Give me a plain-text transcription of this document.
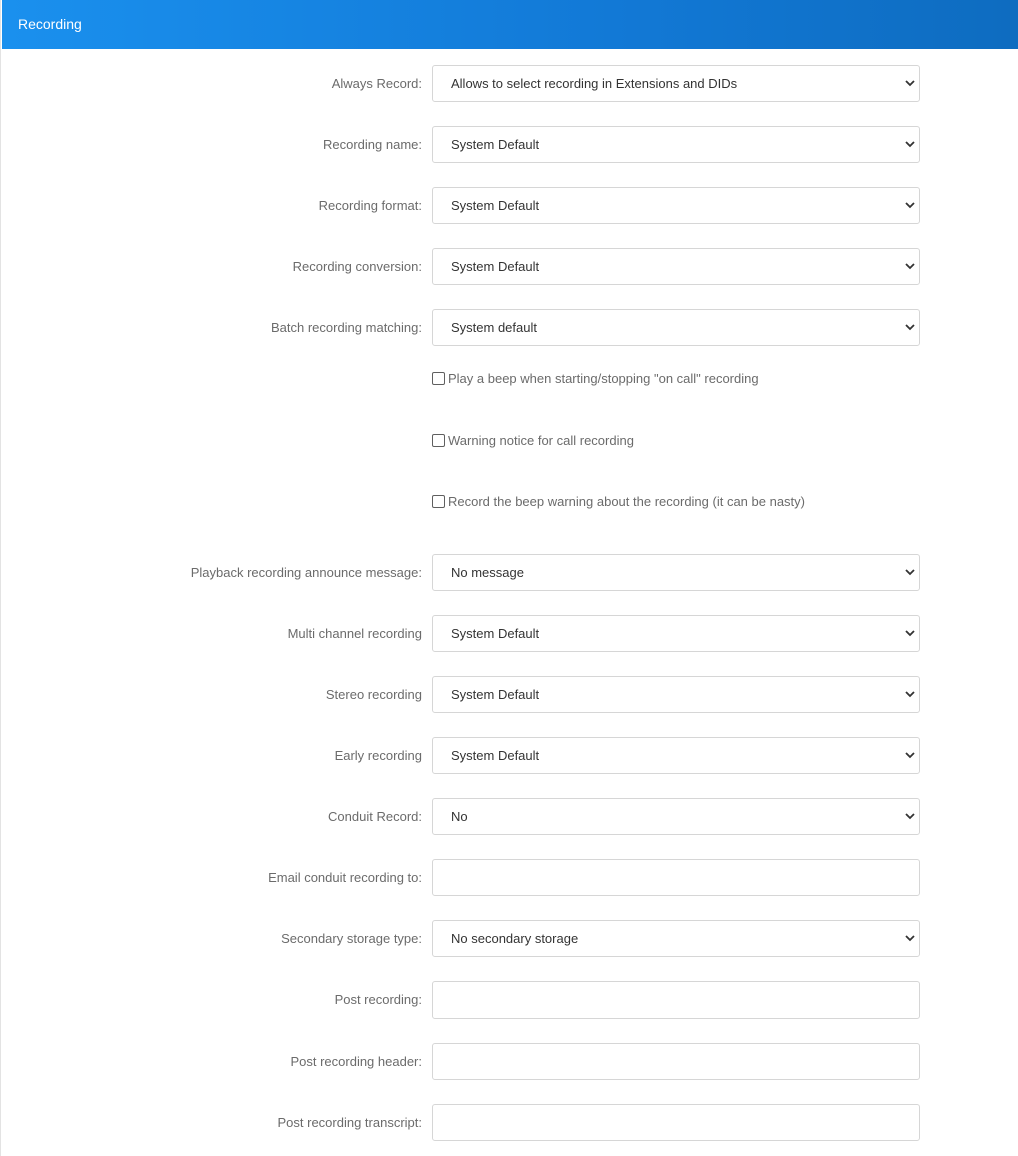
Recording
Always Record: Allows to select recording in Extensions and DIDs
Recording name: System Default
Recording format: System Default
Recording conversion: System Default
Batch recording matching: System default
Play a beep when starting/stopping "on call" recording
Warning notice for call recording
Record the beep warning about the recording (it can be nasty)
Playback recording announce message: No message
Multi channel recording System Default
Stereo recording System Default
Early recording System Default
Conduit Record: No
Email conduit recording to:
Secondary storage type: No secondary storage
Post recording:
Post recording header:
Post recording transcript:
